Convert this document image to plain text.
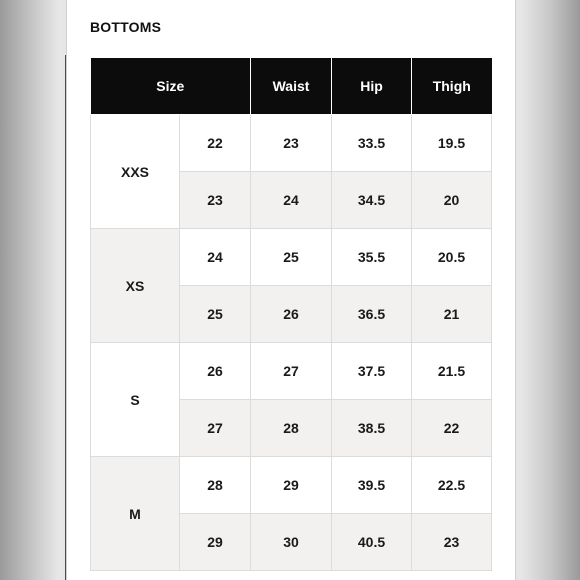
BOTTOMS
Size		Waist	Hip	Thigh
XXS	22	23	33.5	19.5
	23	24	34.5	20
XS	24	25	35.5	20.5
	25	26	36.5	21
S	26	27	37.5	21.5
	27	28	38.5	22
M	28	29	39.5	22.5
	29	30	40.5	23
